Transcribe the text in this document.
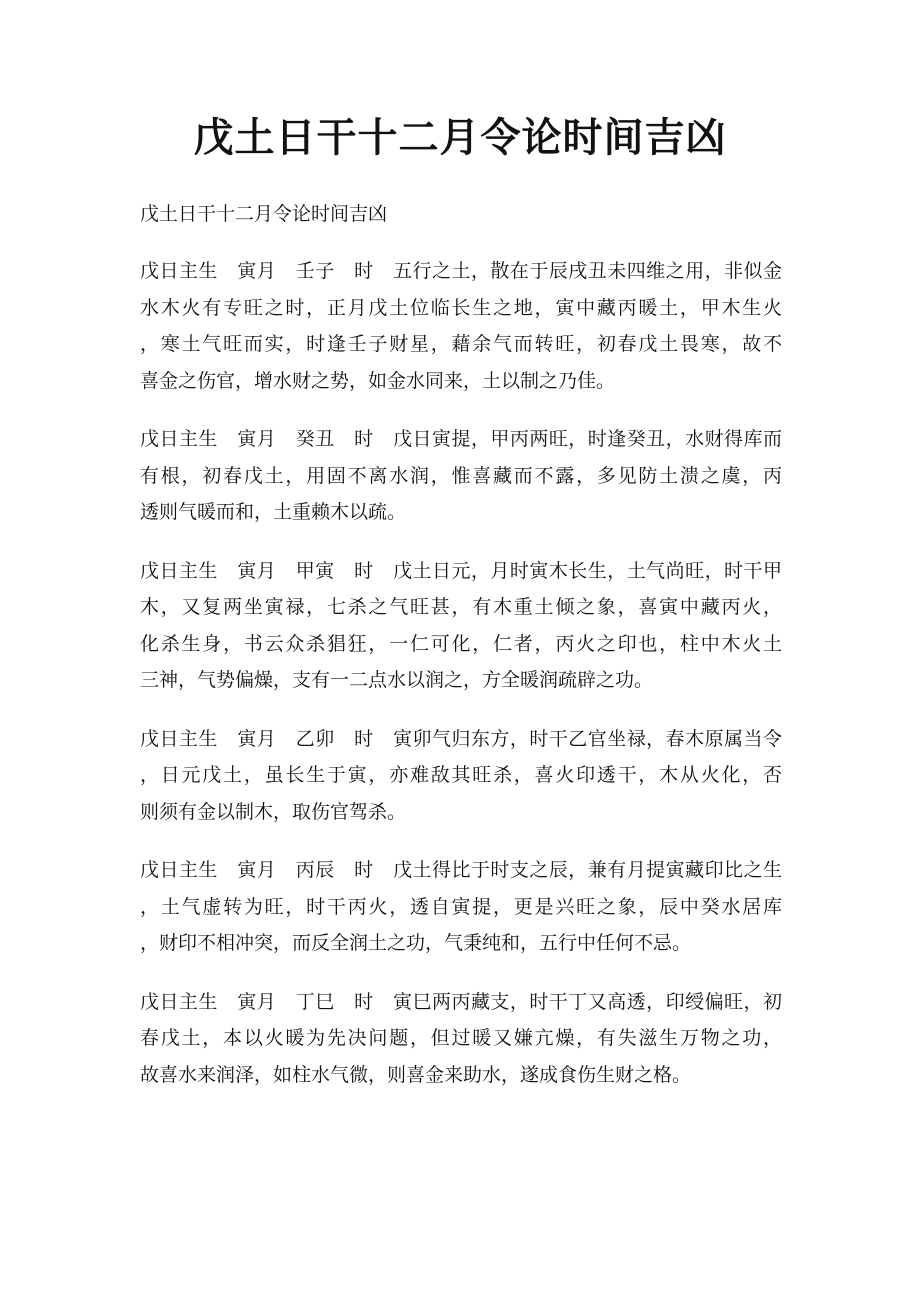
戊土日干十二月令论时间吉凶

戊土日干十二月令论时间吉凶

戊日主生　寅月　壬子　时　五行之土，散在于辰戌丑未四维之用，非似金
水木火有专旺之时，正月戊土位临长生之地，寅中藏丙暖土，甲木生火
，寒土气旺而实，时逢壬子财星，藉余气而转旺，初春戊土畏寒，故不
喜金之伤官，增水财之势，如金水同来，土以制之乃佳。
戊日主生　寅月　癸丑　时　戊日寅提，甲丙两旺，时逢癸丑，水财得库而
有根，初春戊土，用固不离水润，惟喜藏而不露，多见防土溃之虞，丙
透则气暖而和，土重赖木以疏。
戊日主生　寅月　甲寅　时　戊土日元，月时寅木长生，土气尚旺，时干甲
木，又复两坐寅禄，七杀之气旺甚，有木重土倾之象，喜寅中藏丙火，
化杀生身，书云众杀猖狂，一仁可化，仁者，丙火之印也，柱中木火土
三神，气势偏燥，支有一二点水以润之，方全暖润疏辟之功。
戊日主生　寅月　乙卯　时　寅卯气归东方，时干乙官坐禄，春木原属当令
，日元戊土，虽长生于寅，亦难敌其旺杀，喜火印透干，木从火化，否
则须有金以制木，取伤官驾杀。
戊日主生　寅月　丙辰　时　戊土得比于时支之辰，兼有月提寅藏印比之生
，土气虚转为旺，时干丙火，透自寅提，更是兴旺之象，辰中癸水居库
，财印不相冲突，而反全润土之功，气秉纯和，五行中任何不忌。
戊日主生　寅月　丁巳　时　寅巳两丙藏支，时干丁又高透，印绶偏旺，初
春戊土，本以火暖为先决问题，但过暖又嫌亢燥，有失滋生万物之功，
故喜水来润泽，如柱水气微，则喜金来助水，遂成食伤生财之格。
